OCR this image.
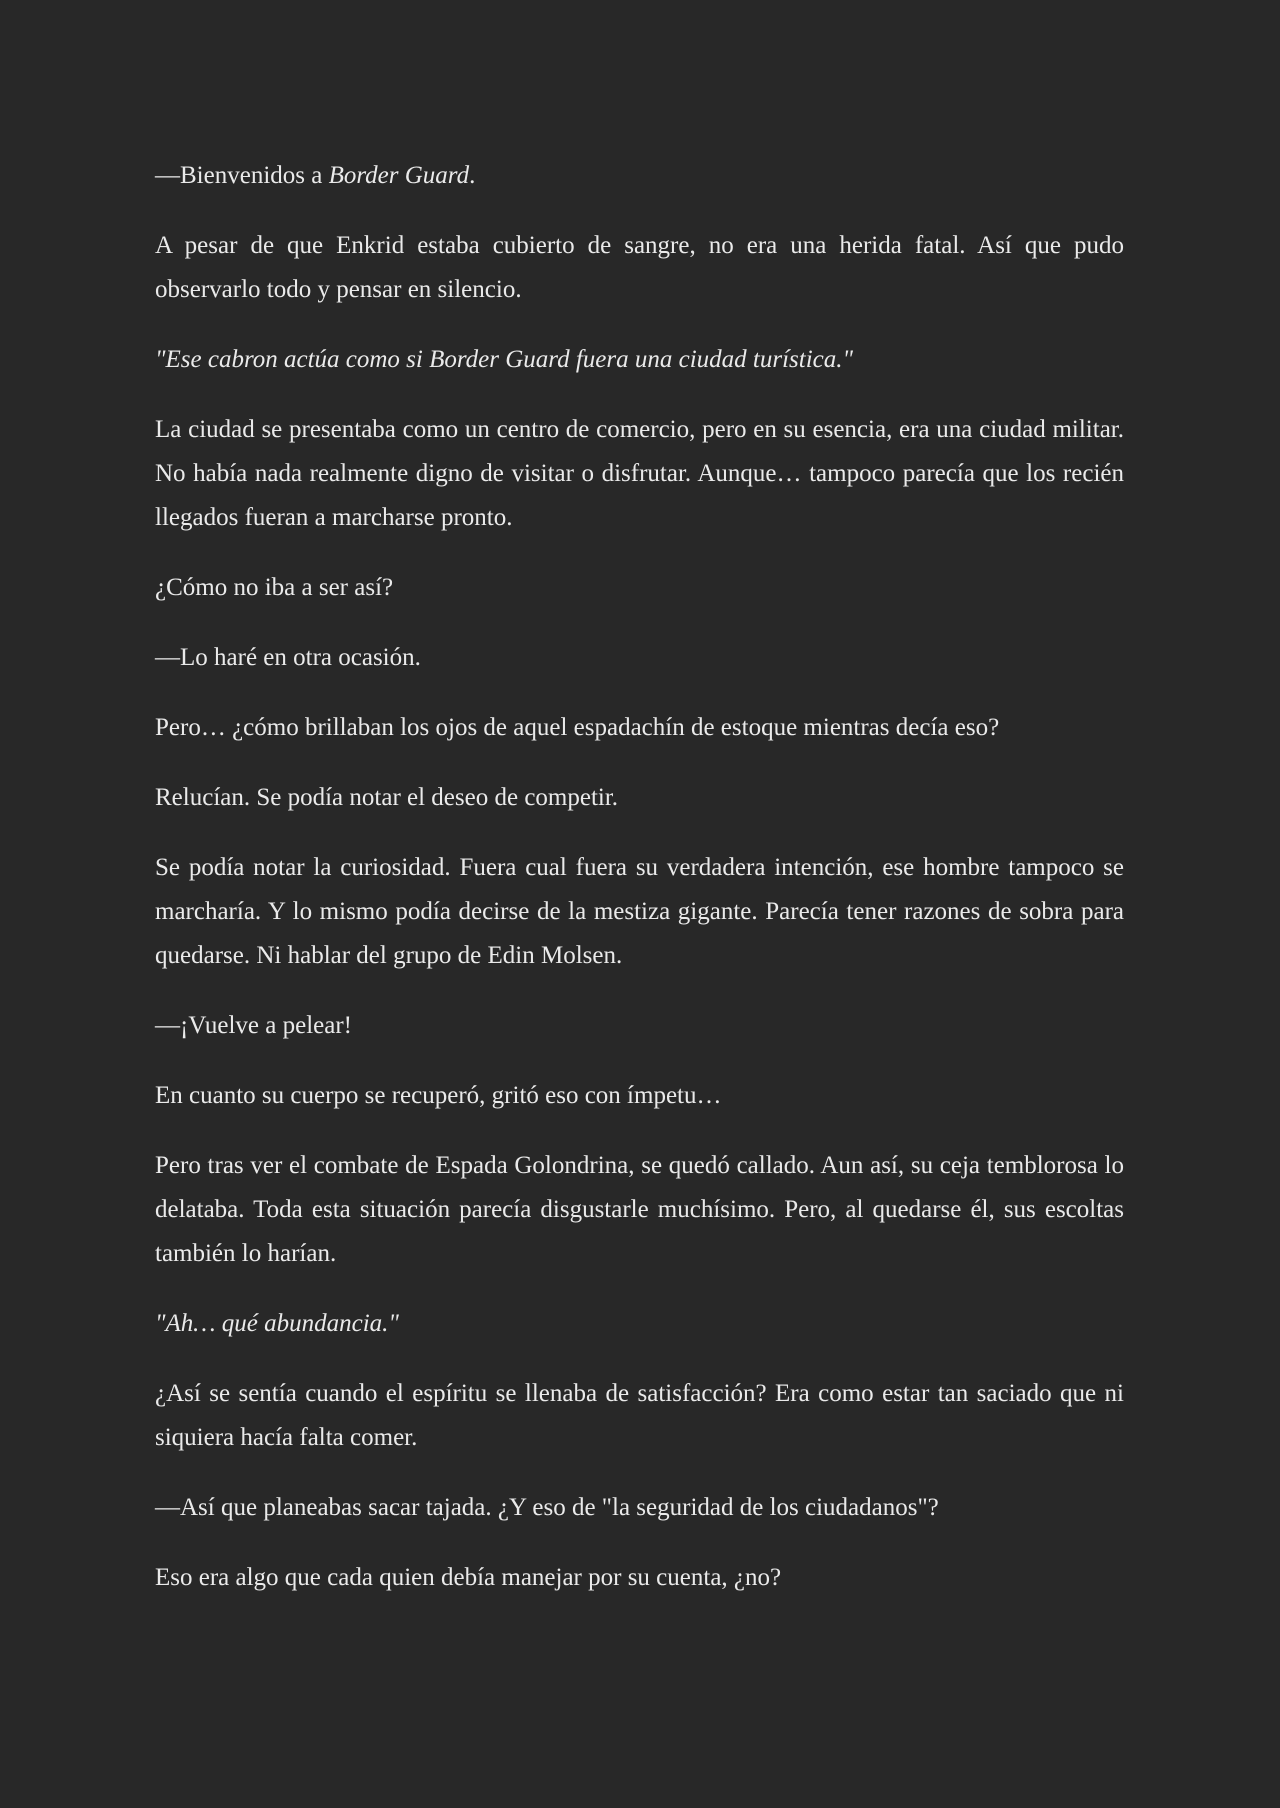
—Bienvenidos a Border Guard.

A pesar de que Enkrid estaba cubierto de sangre, no era una herida fatal. Así que pudo observarlo todo y pensar en silencio.

"Ese cabron actúa como si Border Guard fuera una ciudad turística."

La ciudad se presentaba como un centro de comercio, pero en su esencia, era una ciudad militar. No había nada realmente digno de visitar o disfrutar. Aunque… tampoco parecía que los recién llegados fueran a marcharse pronto.

¿Cómo no iba a ser así?

—Lo haré en otra ocasión.

Pero… ¿cómo brillaban los ojos de aquel espadachín de estoque mientras decía eso?

Relucían. Se podía notar el deseo de competir.

Se podía notar la curiosidad. Fuera cual fuera su verdadera intención, ese hombre tampoco se marcharía. Y lo mismo podía decirse de la mestiza gigante. Parecía tener razones de sobra para quedarse. Ni hablar del grupo de Edin Molsen.

—¡Vuelve a pelear!

En cuanto su cuerpo se recuperó, gritó eso con ímpetu…

Pero tras ver el combate de Espada Golondrina, se quedó callado. Aun así, su ceja temblorosa lo delataba. Toda esta situación parecía disgustarle muchísimo. Pero, al quedarse él, sus escoltas también lo harían.

"Ah… qué abundancia."

¿Así se sentía cuando el espíritu se llenaba de satisfacción? Era como estar tan saciado que ni siquiera hacía falta comer.

—Así que planeabas sacar tajada. ¿Y eso de "la seguridad de los ciudadanos"?

Eso era algo que cada quien debía manejar por su cuenta, ¿no?
